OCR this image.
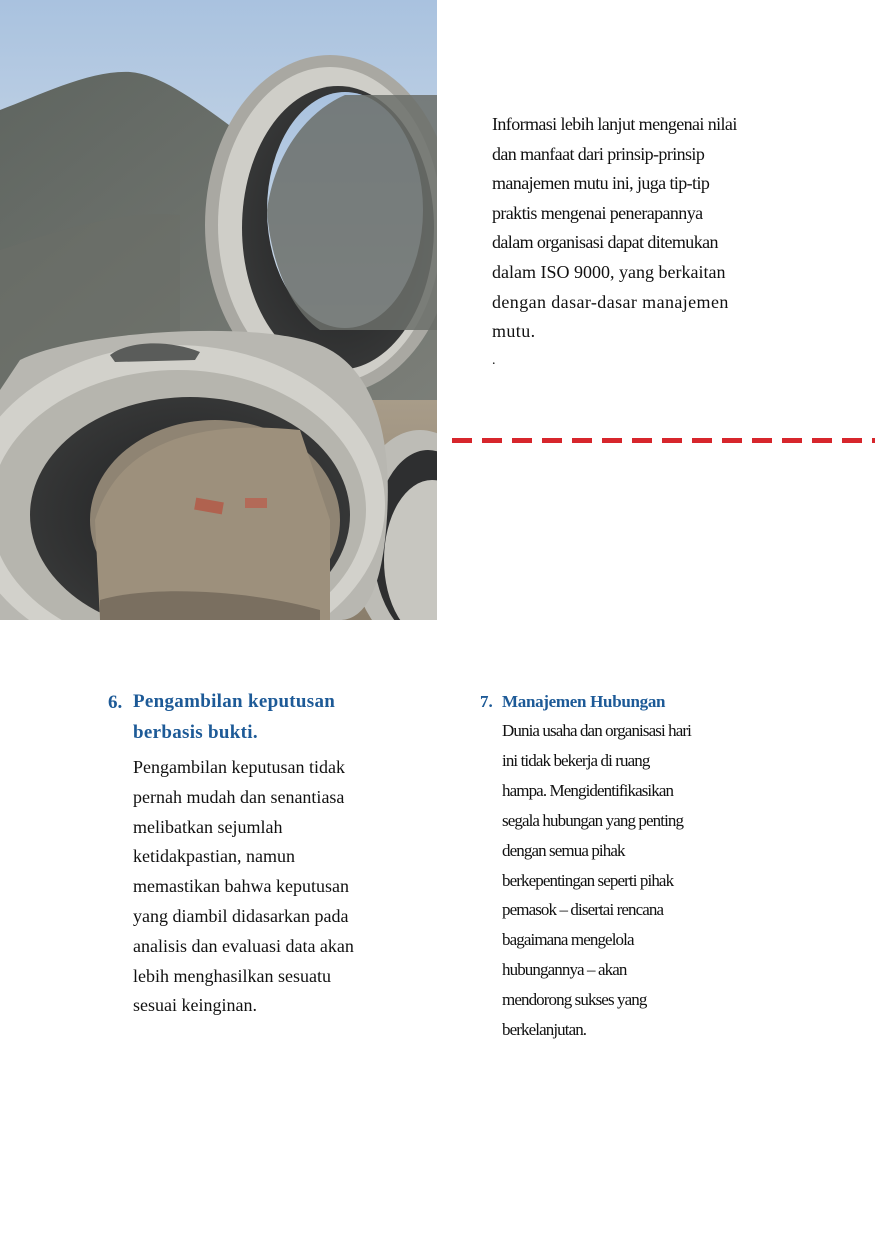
Informasi lebih lanjut mengenai nilai
dan manfaat dari prinsip-prinsip
manajemen mutu ini, juga tip-tip
praktis mengenai penerapannya
dalam organisasi dapat ditemukan
dalam ISO 9000, yang berkaitan
dengan dasar-dasar manajemen
mutu.
.
6. Pengambilan keputusan
berbasis bukti.
Pengambilan keputusan tidak
pernah mudah dan senantiasa
melibatkan sejumlah
ketidakpastian, namun
memastikan bahwa keputusan
yang diambil didasarkan pada
analisis dan evaluasi data akan
lebih menghasilkan sesuatu
sesuai keinginan.
7. Manajemen Hubungan
Dunia usaha dan organisasi hari
ini tidak bekerja di ruang
hampa. Mengidentifikasikan
segala hubungan yang penting
dengan semua pihak
berkepentingan seperti pihak
pemasok – disertai rencana
bagaimana mengelola
hubungannya – akan
mendorong sukses yang
berkelanjutan.
